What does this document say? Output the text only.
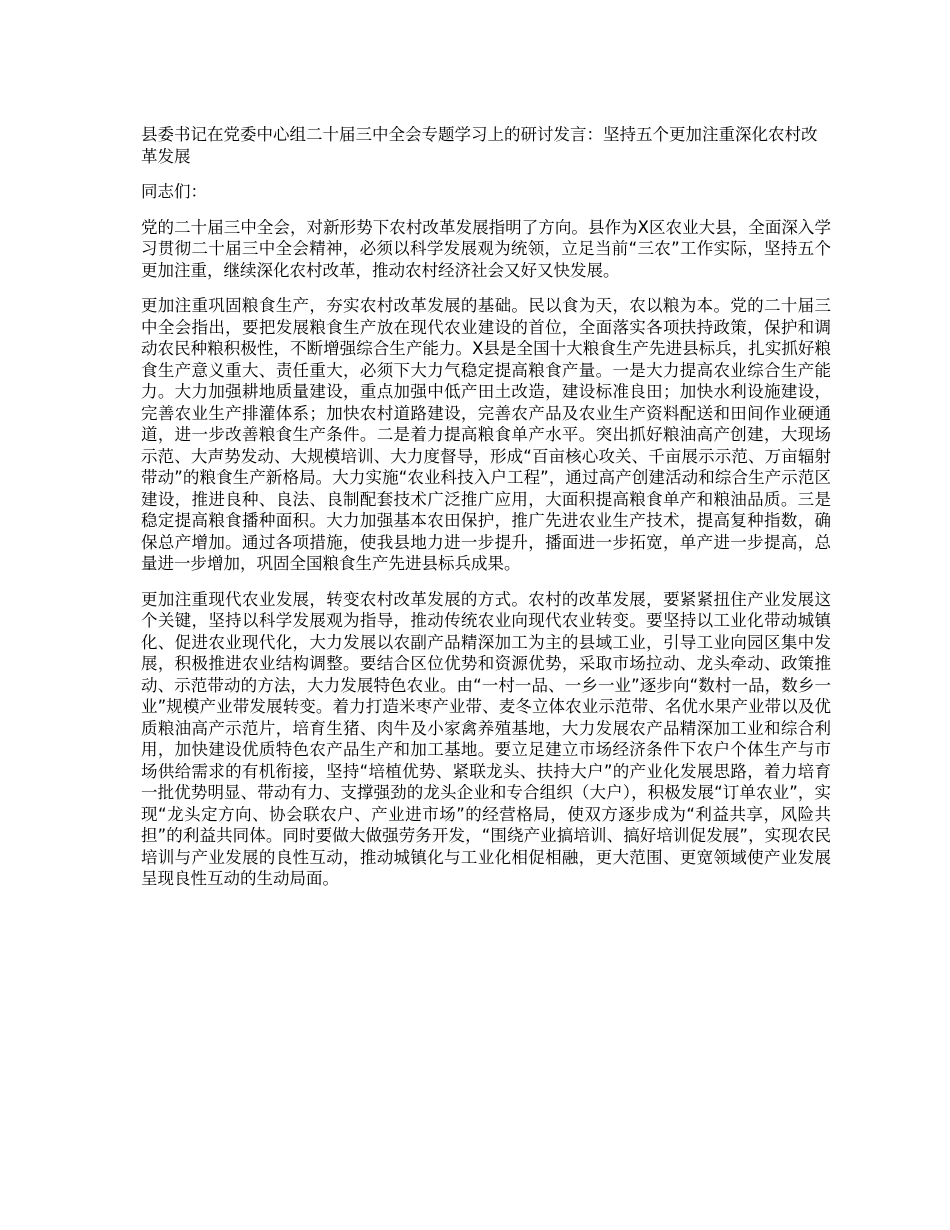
县委书记在党委中心组二十届三中全会专题学习上的研讨发言：坚持五个更加注重深化农村改革发展

同志们：

党的二十届三中全会，对新形势下农村改革发展指明了方向。县作为X区农业大县，全面深入学习贯彻二十届三中全会精神，必须以科学发展观为统领，立足当前“三农”工作实际，坚持五个更加注重，继续深化农村改革，推动农村经济社会又好又快发展。

更加注重巩固粮食生产，夯实农村改革发展的基础。民以食为天，农以粮为本。党的二十届三中全会指出，要把发展粮食生产放在现代农业建设的首位，全面落实各项扶持政策，保护和调动农民种粮积极性，不断增强综合生产能力。X县是全国十大粮食生产先进县标兵，扎实抓好粮食生产意义重大、责任重大，必须下大力气稳定提高粮食产量。一是大力提高农业综合生产能力。大力加强耕地质量建设，重点加强中低产田土改造，建设标准良田；加快水利设施建设，完善农业生产排灌体系；加快农村道路建设，完善农产品及农业生产资料配送和田间作业硬通道，进一步改善粮食生产条件。二是着力提高粮食单产水平。突出抓好粮油高产创建，大现场示范、大声势发动、大规模培训、大力度督导，形成“百亩核心攻关、千亩展示示范、万亩辐射带动”的粮食生产新格局。大力实施“农业科技入户工程”，通过高产创建活动和综合生产示范区建设，推进良种、良法、良制配套技术广泛推广应用，大面积提高粮食单产和粮油品质。三是稳定提高粮食播种面积。大力加强基本农田保护，推广先进农业生产技术，提高复种指数，确保总产增加。通过各项措施，使我县地力进一步提升，播面进一步拓宽，单产进一步提高，总量进一步增加，巩固全国粮食生产先进县标兵成果。

更加注重现代农业发展，转变农村改革发展的方式。农村的改革发展，要紧紧扭住产业发展这个关键，坚持以科学发展观为指导，推动传统农业向现代农业转变。要坚持以工业化带动城镇化、促进农业现代化，大力发展以农副产品精深加工为主的县域工业，引导工业向园区集中发展，积极推进农业结构调整。要结合区位优势和资源优势，采取市场拉动、龙头牵动、政策推动、示范带动的方法，大力发展特色农业。由“一村一品、一乡一业”逐步向“数村一品，数乡一业”规模产业带发展转变。着力打造米枣产业带、麦冬立体农业示范带、名优水果产业带以及优质粮油高产示范片，培育生猪、肉牛及小家禽养殖基地，大力发展农产品精深加工业和综合利用，加快建设优质特色农产品生产和加工基地。要立足建立市场经济条件下农户个体生产与市场供给需求的有机衔接，坚持“培植优势、紧联龙头、扶持大户”的产业化发展思路，着力培育一批优势明显、带动有力、支撑强劲的龙头企业和专合组织（大户），积极发展“订单农业”，实现“龙头定方向、协会联农户、产业进市场”的经营格局，使双方逐步成为“利益共享，风险共担”的利益共同体。同时要做大做强劳务开发，“围绕产业搞培训、搞好培训促发展”，实现农民培训与产业发展的良性互动，推动城镇化与工业化相促相融，更大范围、更宽领域使产业发展呈现良性互动的生动局面。
